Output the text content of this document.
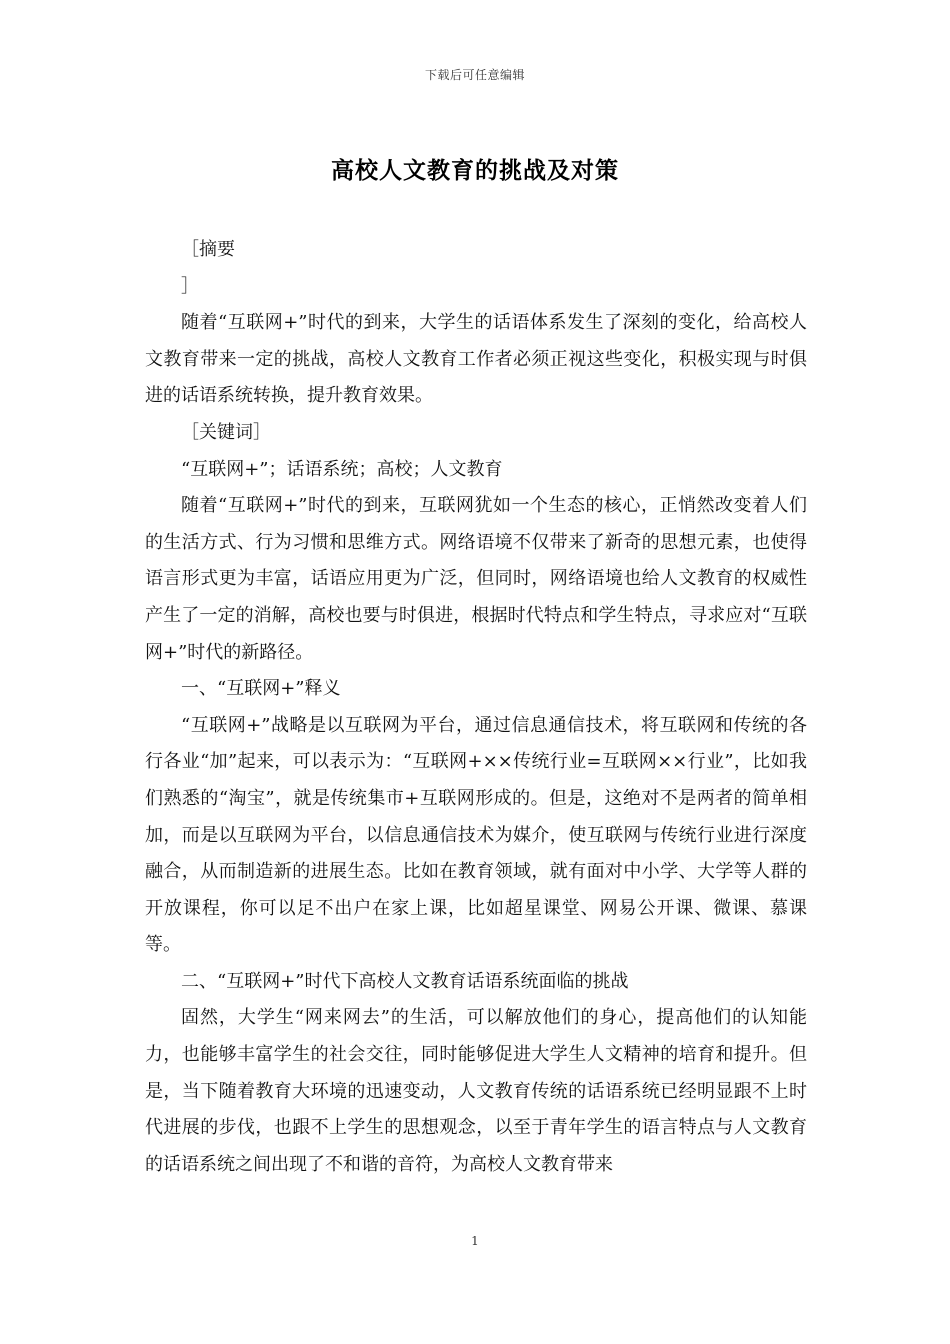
下载后可任意编辑
高校人文教育的挑战及对策

［摘要

］

随着“互联网+”时代的到来，大学生的话语体系发生了深刻的变化，给高校人文教育带来一定的挑战，高校人文教育工作者必须正视这些变化，积极实现与时俱进的话语系统转换，提升教育效果。

［关键词］

“互联网+”；话语系统；高校；人文教育

随着“互联网+”时代的到来，互联网犹如一个生态的核心，正悄然改变着人们的生活方式、行为习惯和思维方式。网络语境不仅带来了新奇的思想元素，也使得语言形式更为丰富，话语应用更为广泛，但同时，网络语境也给人文教育的权威性产生了一定的消解，高校也要与时俱进，根据时代特点和学生特点，寻求应对“互联网+”时代的新路径。

一、“互联网+”释义

“互联网+”战略是以互联网为平台，通过信息通信技术，将互联网和传统的各行各业“加”起来，可以表示为：“互联网+××传统行业=互联网××行业”，比如我们熟悉的“淘宝”，就是传统集市+互联网形成的。但是，这绝对不是两者的简单相加，而是以互联网为平台，以信息通信技术为媒介，使互联网与传统行业进行深度融合，从而制造新的进展生态。比如在教育领域，就有面对中小学、大学等人群的开放课程，你可以足不出户在家上课，比如超星课堂、网易公开课、微课、慕课等。

二、“互联网+”时代下高校人文教育话语系统面临的挑战

固然，大学生“网来网去”的生活，可以解放他们的身心，提高他们的认知能力，也能够丰富学生的社会交往，同时能够促进大学生人文精神的培育和提升。但是，当下随着教育大环境的迅速变动，人文教育传统的话语系统已经明显跟不上时代进展的步伐，也跟不上学生的思想观念，以至于青年学生的语言特点与人文教育的话语系统之间出现了不和谐的音符，为高校人文教育带来

1
